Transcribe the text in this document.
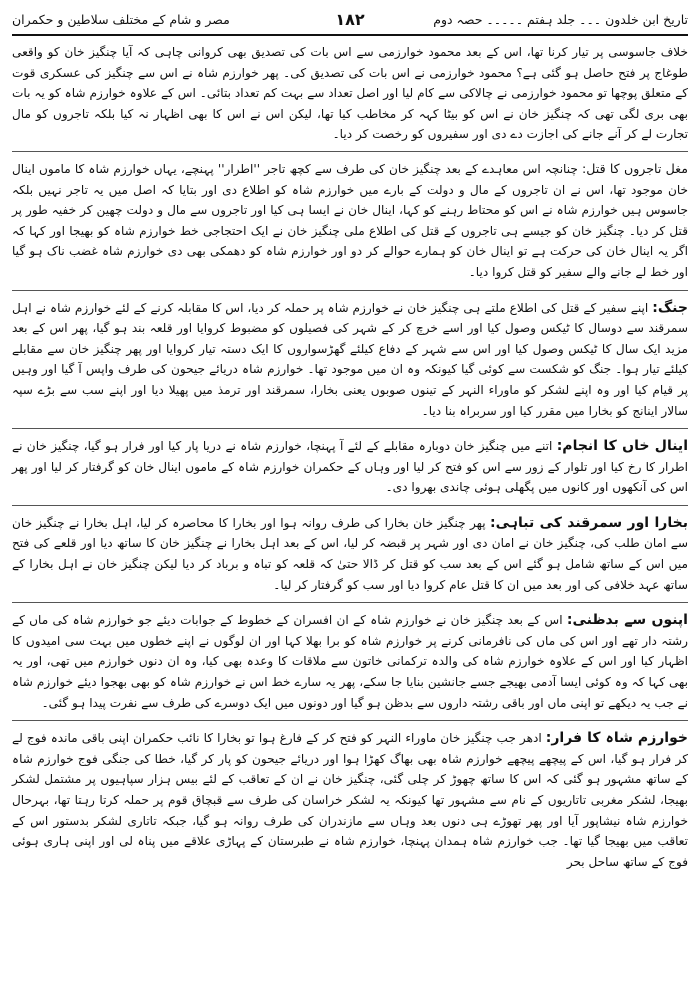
تاریخ ابن خلدون ۔۔۔ جلد ہفتم ۔۔۔۔۔ حصہ دوم
۱۸۲
مصر و شام کے مختلف سلاطین و حکمران

خلاف جاسوسی پر تیار کرنا تھا، اس کے بعد محمود خوارزمی سے اس بات کی تصدیق بھی کروانی چاہی کہ آیا چنگیز خان کو واقعی طوغاج پر فتح حاصل ہو گئی ہے؟ محمود خوارزمی نے اس بات کی تصدیق کی۔ پھر خوارزم شاہ نے اس سے چنگیز کی عسکری قوت کے متعلق پوچھا تو محمود خوارزمی نے چالاکی سے کام لیا اور اصل تعداد سے بہت کم تعداد بتائی۔ اس کے علاوہ خوارزم شاہ کو یہ بات بھی بری لگی تھی کہ چنگیز خان نے اس کو بیٹا کہہ کر مخاطب کیا تھا، لیکن اس نے اس کا بھی اظہار نہ کیا بلکہ تاجروں کو مال تجارت لے کر آنے جانے کی اجازت دے دی اور سفیروں کو رخصت کر دیا۔

مغل تاجروں کا قتل: چنانچہ اس معاہدے کے بعد چنگیز خان کی طرف سے کچھ تاجر ''اطرار'' پہنچے، یہاں خوارزم شاہ کا ماموں اینال خان موجود تھا، اس نے ان تاجروں کے مال و دولت کے بارے میں خوارزم شاہ کو اطلاع دی اور بتایا کہ اصل میں یہ تاجر نہیں بلکہ جاسوس ہیں خوارزم شاہ نے اس کو محتاط رہنے کو کہا، اینال خان نے ایسا ہی کیا اور تاجروں سے مال و دولت چھین کر خفیہ طور پر قتل کر دیا۔ چنگیز خان کو جیسے ہی تاجروں کے قتل کی اطلاع ملی چنگیز خان نے ایک احتجاجی خط خوارزم شاہ کو بھیجا اور کہا کہ اگر یہ اینال خان کی حرکت ہے تو اینال خان کو ہمارے حوالے کر دو اور خوارزم شاہ کو دھمکی بھی دی خوارزم شاہ غضب ناک ہو گیا اور خط لے جانے والے سفیر کو قتل کروا دیا۔

جنگ: اپنے سفیر کے قتل کی اطلاع ملتے ہی چنگیز خان نے خوارزم شاہ پر حملہ کر دیا، اس کا مقابلہ کرنے کے لئے خوارزم شاہ نے اہل سمرقند سے دوسال کا ٹیکس وصول کیا اور اسے خرچ کر کے شہر کی فصیلوں کو مضبوط کروایا اور قلعہ بند ہو گیا، پھر اس کے بعد مزید ایک سال کا ٹیکس وصول کیا اور اس سے شہر کے دفاع کیلئے گھڑسواروں کا ایک دستہ تیار کروایا اور پھر چنگیز خان سے مقابلے کیلئے تیار ہوا۔ جنگ کو شکست سے کوئی گیا کیونکہ وہ ان میں موجود تھا۔ خوارزم شاہ دریائے جیحون کی طرف واپس آ گیا اور وہیں پر قیام کیا اور وہ اپنے لشکر کو ماوراء النہر کے تینوں صوبوں یعنی بخارا، سمرقند اور ترمذ میں پھیلا دیا اور اپنے سب سے بڑے سپہ سالار اینانج کو بخارا میں مقرر کیا اور سربراہ بنا دیا۔

اینال خاں کا انجام: اتنے میں چنگیز خان دوبارہ مقابلے کے لئے آ پہنچا، خوارزم شاہ نے دریا پار کیا اور فرار ہو گیا، چنگیز خان نے اطرار کا رخ کیا اور تلوار کے زور سے اس کو فتح کر لیا اور وہاں کے حکمران خوارزم شاہ کے ماموں اینال خان کو گرفتار کر لیا اور پھر اس کی آنکھوں اور کانوں میں پگھلی ہوئی چاندی بھروا دی۔

بخارا اور سمرقند کی تباہی: پھر چنگیز خان بخارا کی طرف روانہ ہوا اور بخارا کا محاصرہ کر لیا، اہل بخارا نے چنگیز خان سے امان طلب کی، چنگیز خان نے امان دی اور شہر پر قبضہ کر لیا، اس کے بعد اہل بخارا نے چنگیز خان کا ساتھ دیا اور قلعے کی فتح میں اس کے ساتھ شامل ہو گئے اس کے بعد سب کو قتل کر ڈالا حتیٰ کہ قلعہ کو تباہ و برباد کر دیا لیکن چنگیز خان نے اہل بخارا کے ساتھ عہد خلافی کی اور بعد میں ان کا قتل عام کروا دیا اور سب کو گرفتار کر لیا۔

اپنوں سے بدظنی: اس کے بعد چنگیز خان نے خوارزم شاہ کے ان افسران کے خطوط کے جوابات دیئے جو خوارزم شاہ کی ماں کے رشتہ دار تھے اور اس کی ماں کی نافرمانی کرنے پر خوارزم شاہ کو برا بھلا کہا اور ان لوگوں نے اپنے خطوں میں بہت سی امیدوں کا اظہار کیا اور اس کے علاوہ خوارزم شاہ کی والدہ ترکمانی خاتون سے ملاقات کا وعدہ بھی کیا، وہ ان دنوں خوارزم میں تھی، اور یہ بھی کہا کہ وہ کوئی ایسا آدمی بھیجے جسے جانشین بنایا جا سکے، پھر یہ سارے خط اس نے خوارزم شاہ کو بھی بھجوا دیئے خوارزم شاہ نے جب یہ دیکھے تو اپنی ماں اور باقی رشتہ داروں سے بدظن ہو گیا اور دونوں میں ایک دوسرے کی طرف سے نفرت پیدا ہو گئی۔

خوارزم شاہ کا فرار: ادھر جب چنگیز خان ماوراء النہر کو فتح کر کے فارغ ہوا تو بخارا کا نائب حکمران اپنی باقی ماندہ فوج لے کر فرار ہو گیا، اس کے پیچھے پیچھے خوارزم شاہ بھی بھاگ کھڑا ہوا اور دریائے جیحون کو پار کر گیا، خطا کی جنگی فوج خوارزم شاہ کے ساتھ مشہور ہو گئی کہ اس کا ساتھ چھوڑ کر چلی گئی، چنگیز خان نے ان کے تعاقب کے لئے بیس ہزار سپاہیوں پر مشتمل لشکر بھیجا، لشکر مغربی تاتاریوں کے نام سے مشہور تھا کیونکہ یہ لشکر خراسان کی طرف سے قبچاق قوم پر حملہ کرتا رہتا تھا، بہرحال خوارزم شاہ نیشاپور آیا اور پھر تھوڑے ہی دنوں بعد وہاں سے مازندران کی طرف روانہ ہو گیا، جبکہ تاتاری لشکر بدستور اس کے تعاقب میں بھیجا گیا تھا۔ جب خوارزم شاہ ہمدان پہنچا، خوارزم شاہ نے طبرستان کے پہاڑی علاقے میں پناہ لی اور اپنی ہاری ہوئی فوج کے ساتھ ساحل بحر
